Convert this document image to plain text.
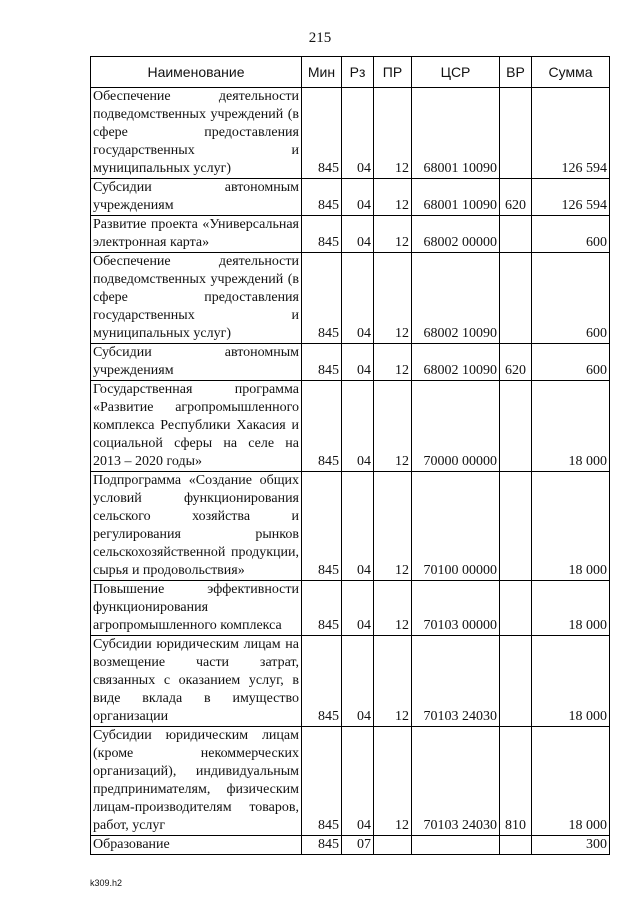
215
Наименование	Мин	Рз	ПР	ЦСР	ВР	Сумма
Обеспечение деятельности подведомственных учреждений (в сфере предоставления государственных и муниципальных услуг)	845	04	12	68001 10090		126 594
Субсидии автономным учреждениям	845	04	12	68001 10090	620	126 594
Развитие проекта «Универсальная электронная карта»	845	04	12	68002 00000		600
Обеспечение деятельности подведомственных учреждений (в сфере предоставления государственных и муниципальных услуг)	845	04	12	68002 10090		600
Субсидии автономным учреждениям	845	04	12	68002 10090	620	600
Государственная программа «Развитие агропромышленного комплекса Республики Хакасия и социальной сферы на селе на 2013 – 2020 годы»	845	04	12	70000 00000		18 000
Подпрограмма «Создание общих условий функционирования сельского хозяйства и регулирования рынков сельскохозяйственной продукции, сырья и продовольствия»	845	04	12	70100 00000		18 000
Повышение эффективности функционирования агропромышленного комплекса	845	04	12	70103 00000		18 000
Субсидии юридическим лицам на возмещение части затрат, связанных с оказанием услуг, в виде вклада в имущество организации	845	04	12	70103 24030		18 000
Субсидии юридическим лицам (кроме некоммерческих организаций), индивидуальным предпринимателям, физическим лицам-производителям товаров, работ, услуг	845	04	12	70103 24030	810	18 000
Образование	845	07				300
k309.h2
